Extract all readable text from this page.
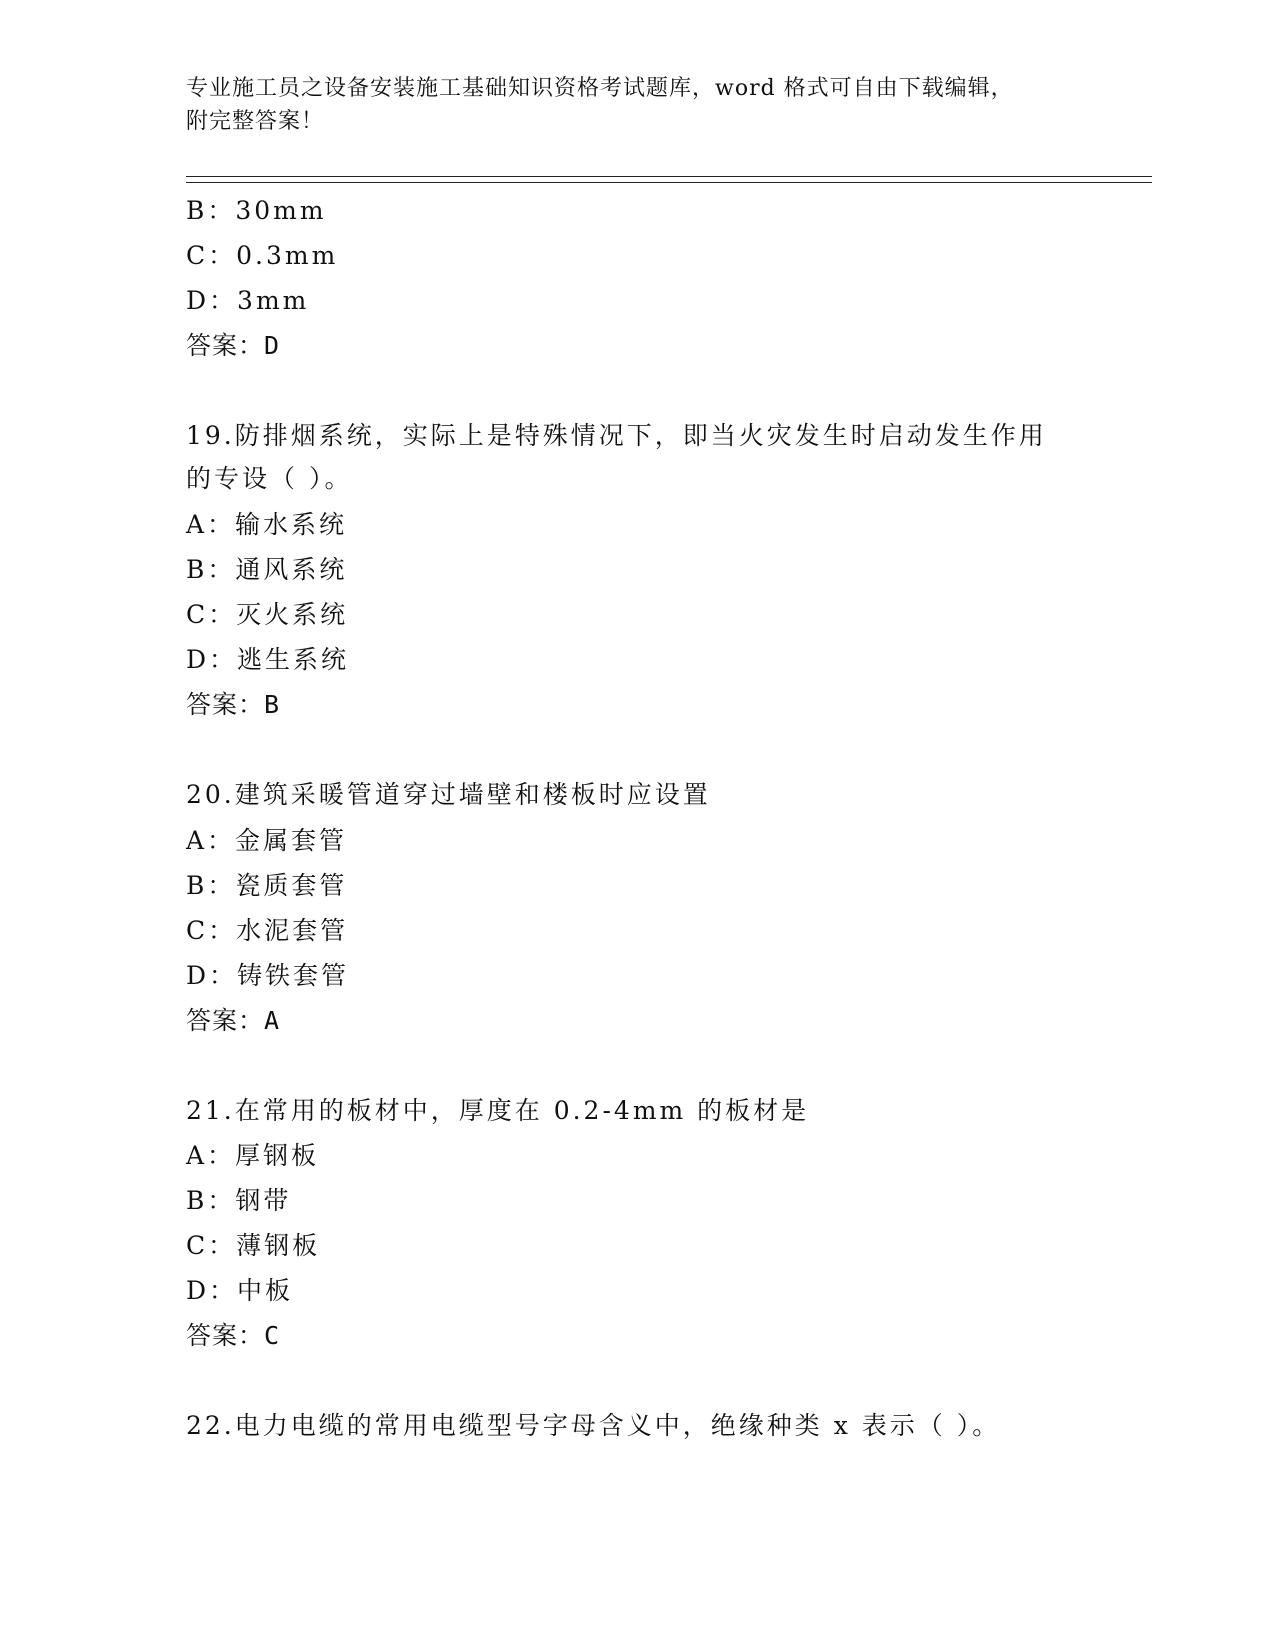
专业施工员之设备安装施工基础知识资格考试题库，word 格式可自由下载编辑，
附完整答案！
B：30mm
C：0.3mm
D：3mm
答案：D
19.防排烟系统，实际上是特殊情况下，即当火灾发生时启动发生作用
的专设（ ）。
A：输水系统
B：通风系统
C：灭火系统
D：逃生系统
答案：B
20.建筑采暖管道穿过墙壁和楼板时应设置
A：金属套管
B：瓷质套管
C：水泥套管
D：铸铁套管
答案：A
21.在常用的板材中，厚度在 0.2-4mm 的板材是
A：厚钢板
B：钢带
C：薄钢板
D：中板
答案：C
22.电力电缆的常用电缆型号字母含义中，绝缘种类 x 表示（ ）。
